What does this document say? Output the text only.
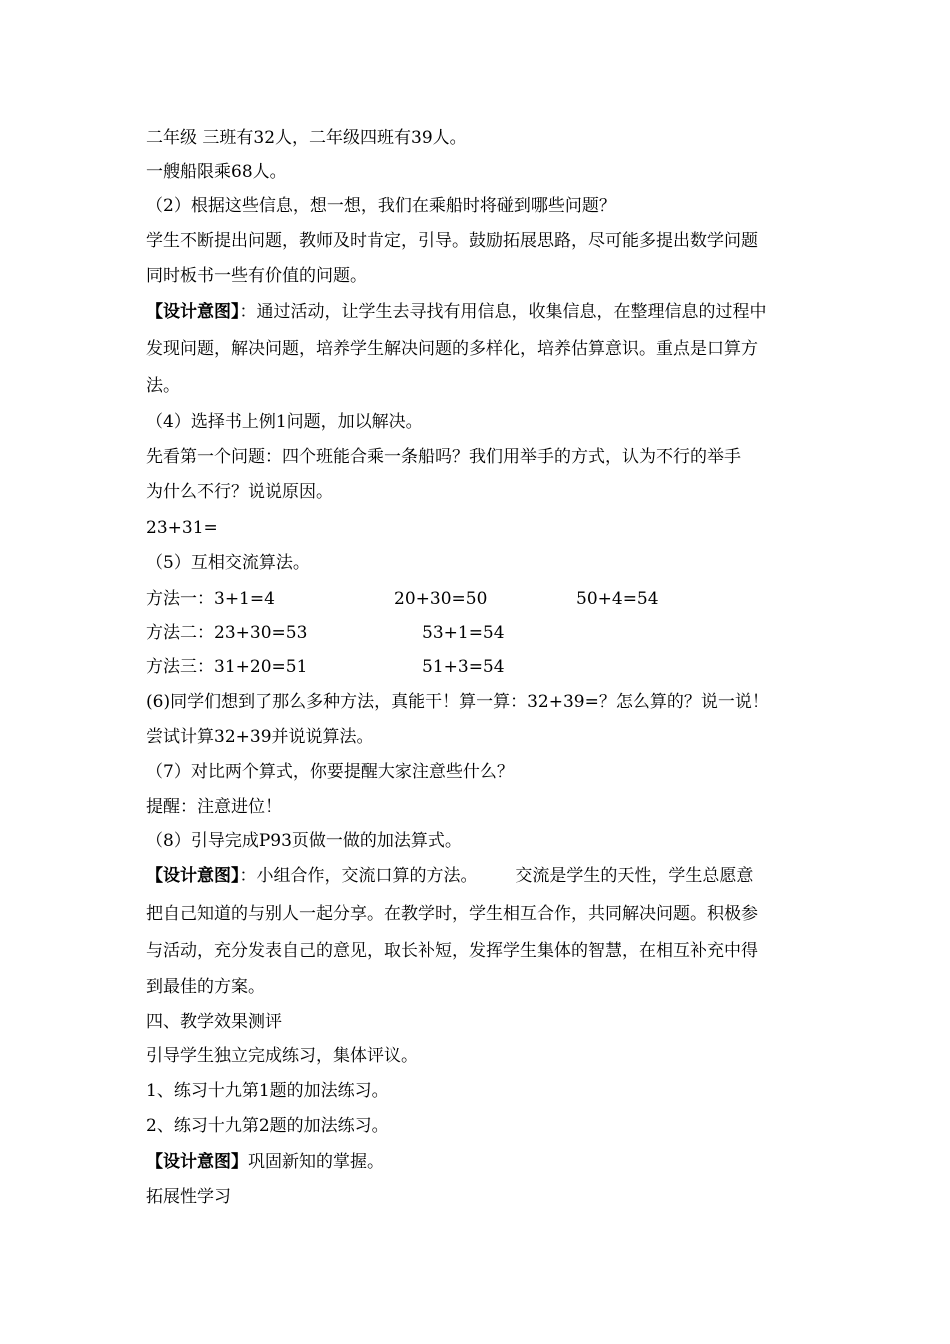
二年级 三班有32人，二年级四班有39人。
一艘船限乘68人。
（2）根据这些信息，想一想，我们在乘船时将碰到哪些问题？
学生不断提出问题，教师及时肯定，引导。鼓励拓展思路，尽可能多提出数学问题
同时板书一些有价值的问题。
【设计意图】：通过活动，让学生去寻找有用信息，收集信息，在整理信息的过程中
发现问题，解决问题，培养学生解决问题的多样化，培养估算意识。重点是口算方
法。
（4）选择书上例1问题，加以解决。
先看第一个问题：四个班能合乘一条船吗？我们用举手的方式，认为不行的举手
为什么不行？说说原因。
23+31=
（5）互相交流算法。
方法一：3+1=4	20+30=50	50+4=54
方法二：23+30=53	53+1=54
方法三：31+20=51	51+3=54
(6)同学们想到了那么多种方法，真能干！算一算：32+39=？怎么算的？说一说！
尝试计算32+39并说说算法。
（7）对比两个算式，你要提醒大家注意些什么？
提醒：注意进位！
（8）引导完成P93页做一做的加法算式。
【设计意图】：小组合作，交流口算的方法。       交流是学生的天性，学生总愿意
把自己知道的与别人一起分享。在教学时，学生相互合作，共同解决问题。积极参
与活动，充分发表自己的意见，取长补短，发挥学生集体的智慧，在相互补充中得
到最佳的方案。
四、教学效果测评
引导学生独立完成练习，集体评议。
1、练习十九第1题的加法练习。
2、练习十九第2题的加法练习。
【设计意图】巩固新知的掌握。
拓展性学习
